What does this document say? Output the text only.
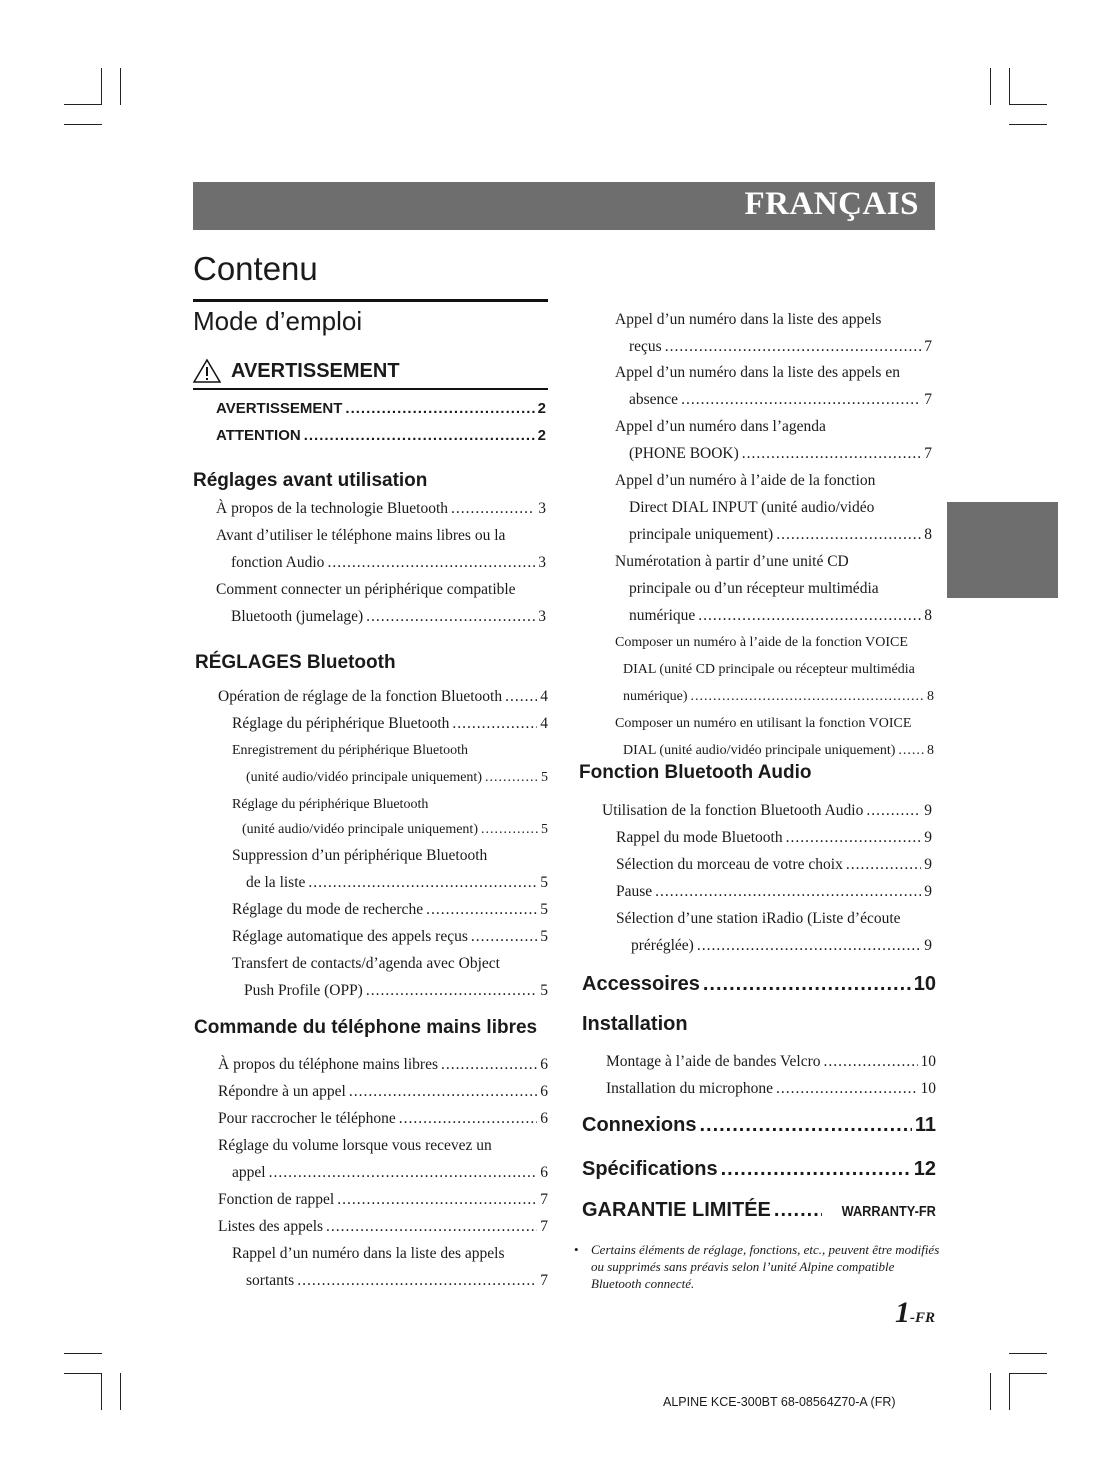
FRANÇAIS
Contenu
Mode d’emploi
AVERTISSEMENT
AVERTISSEMENT .....	2
ATTENTION .....	2
Réglages avant utilisation
À propos de la technologie Bluetooth .....	3
Avant d’utiliser le téléphone mains libres ou la
fonction Audio .....	3
Comment connecter un périphérique compatible
Bluetooth (jumelage) .....	3
RÉGLAGES Bluetooth
Opération de réglage de la fonction Bluetooth ..... 4
Réglage du périphérique Bluetooth .....	4
Enregistrement du périphérique Bluetooth
(unité audio/vidéo principale uniquement) .....	5
Réglage du périphérique Bluetooth
(unité audio/vidéo principale uniquement) .....	5
Suppression d’un périphérique Bluetooth
de la liste .....	5
Réglage du mode de recherche .....	5
Réglage automatique des appels reçus .....	5
Transfert de contacts/d’agenda avec Object
Push Profile (OPP) .....	5
Commande du téléphone mains libres
À propos du téléphone mains libres .....	6
Répondre à un appel .....	6
Pour raccrocher le téléphone .....	6
Réglage du volume lorsque vous recevez un
appel .....	6
Fonction de rappel .....	7
Listes des appels .....	7
Rappel d’un numéro dans la liste des appels
sortants .....	7
Appel d’un numéro dans la liste des appels
reçus .....	7
Appel d’un numéro dans la liste des appels en
absence .....	7
Appel d’un numéro dans l’agenda
(PHONE BOOK) .....	7
Appel d’un numéro à l’aide de la fonction
Direct DIAL INPUT (unité audio/vidéo
principale uniquement) .....	8
Numérotation à partir d’une unité CD
principale ou d’un récepteur multimédia
numérique .....	8
Composer un numéro à l’aide de la fonction VOICE
DIAL (unité CD principale ou récepteur multimédia
numérique) .....	8
Composer un numéro en utilisant la fonction VOICE
DIAL (unité audio/vidéo principale uniquement) ..... 8
Fonction Bluetooth Audio
Utilisation de la fonction Bluetooth Audio .....	9
Rappel du mode Bluetooth .....	9
Sélection du morceau de votre choix .....	9
Pause .....	9
Sélection d’une station iRadio (Liste d’écoute
préréglée) .....	9
Accessoires .....	10
Installation
Montage à l’aide de bandes Velcro .....	10
Installation du microphone .....	10
Connexions .....	11
Spécifications .....	12
GARANTIE LIMITÉE .....	WARRANTY-FR
• Certains éléments de réglage, fonctions, etc., peuvent être modifiés ou supprimés sans préavis selon l’unité Alpine compatible Bluetooth connecté.
1-FR
ALPINE KCE-300BT 68-08564Z70-A (FR)
